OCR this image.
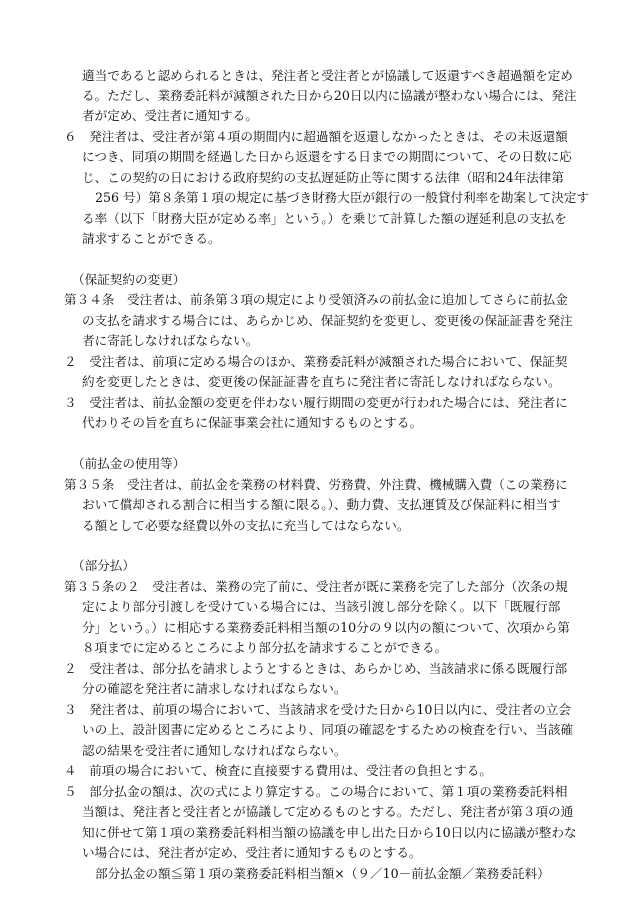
適当であると認められるときは、発注者と受注者とが協議して返還すべき超過額を定め
る。ただし、業務委託料が減額された日から20日以内に協議が整わない場合には、発注
者が定め、受注者に通知する。
６　発注者は、受注者が第４項の期間内に超過額を返還しなかったときは、その未返還額
につき、同項の期間を経過した日から返還をする日までの期間について、その日数に応
じ、この契約の日における政府契約の支払遅延防止等に関する法律（昭和24年法律第
256 号）第８条第１項の規定に基づき財務大臣が銀行の一般貸付利率を勘案して決定す
る率（以下「財務大臣が定める率」という。）を乗じて計算した額の遅延利息の支払を
請求することができる。
（保証契約の変更）
第３４条　受注者は、前条第３項の規定により受領済みの前払金に追加してさらに前払金
の支払を請求する場合には、あらかじめ、保証契約を変更し、変更後の保証証書を発注
者に寄託しなければならない。
２　受注者は、前項に定める場合のほか、業務委託料が減額された場合において、保証契
約を変更したときは、変更後の保証証書を直ちに発注者に寄託しなければならない。
３　受注者は、前払金額の変更を伴わない履行期間の変更が行われた場合には、発注者に
代わりその旨を直ちに保証事業会社に通知するものとする。
（前払金の使用等）
第３５条　受注者は、前払金を業務の材料費、労務費、外注費、機械購入費（この業務に
おいて償却される割合に相当する額に限る。）、動力費、支払運賃及び保証料に相当す
る額として必要な経費以外の支払に充当してはならない。
（部分払）
第３５条の２　受注者は、業務の完了前に、受注者が既に業務を完了した部分（次条の規
定により部分引渡しを受けている場合には、当該引渡し部分を除く。以下「既履行部
分」という。）に相応する業務委託料相当額の10分の９以内の額について、次項から第
８項までに定めるところにより部分払を請求することができる。
２　受注者は、部分払を請求しようとするときは、あらかじめ、当該請求に係る既履行部
分の確認を発注者に請求しなければならない。
３　発注者は、前項の場合において、当該請求を受けた日から10日以内に、受注者の立会
いの上、設計図書に定めるところにより、同項の確認をするための検査を行い、当該確
認の結果を受注者に通知しなければならない。
４　前項の場合において、検査に直接要する費用は、受注者の負担とする。
５　部分払金の額は、次の式により算定する。この場合において、第１項の業務委託料相
当額は、発注者と受注者とが協議して定めるものとする。ただし、発注者が第３項の通
知に併せて第１項の業務委託料相当額の協議を申し出た日から10日以内に協議が整わな
い場合には、発注者が定め、受注者に通知するものとする。
部分払金の額≦第１項の業務委託料相当額×（９／10－前払金額／業務委託料）
